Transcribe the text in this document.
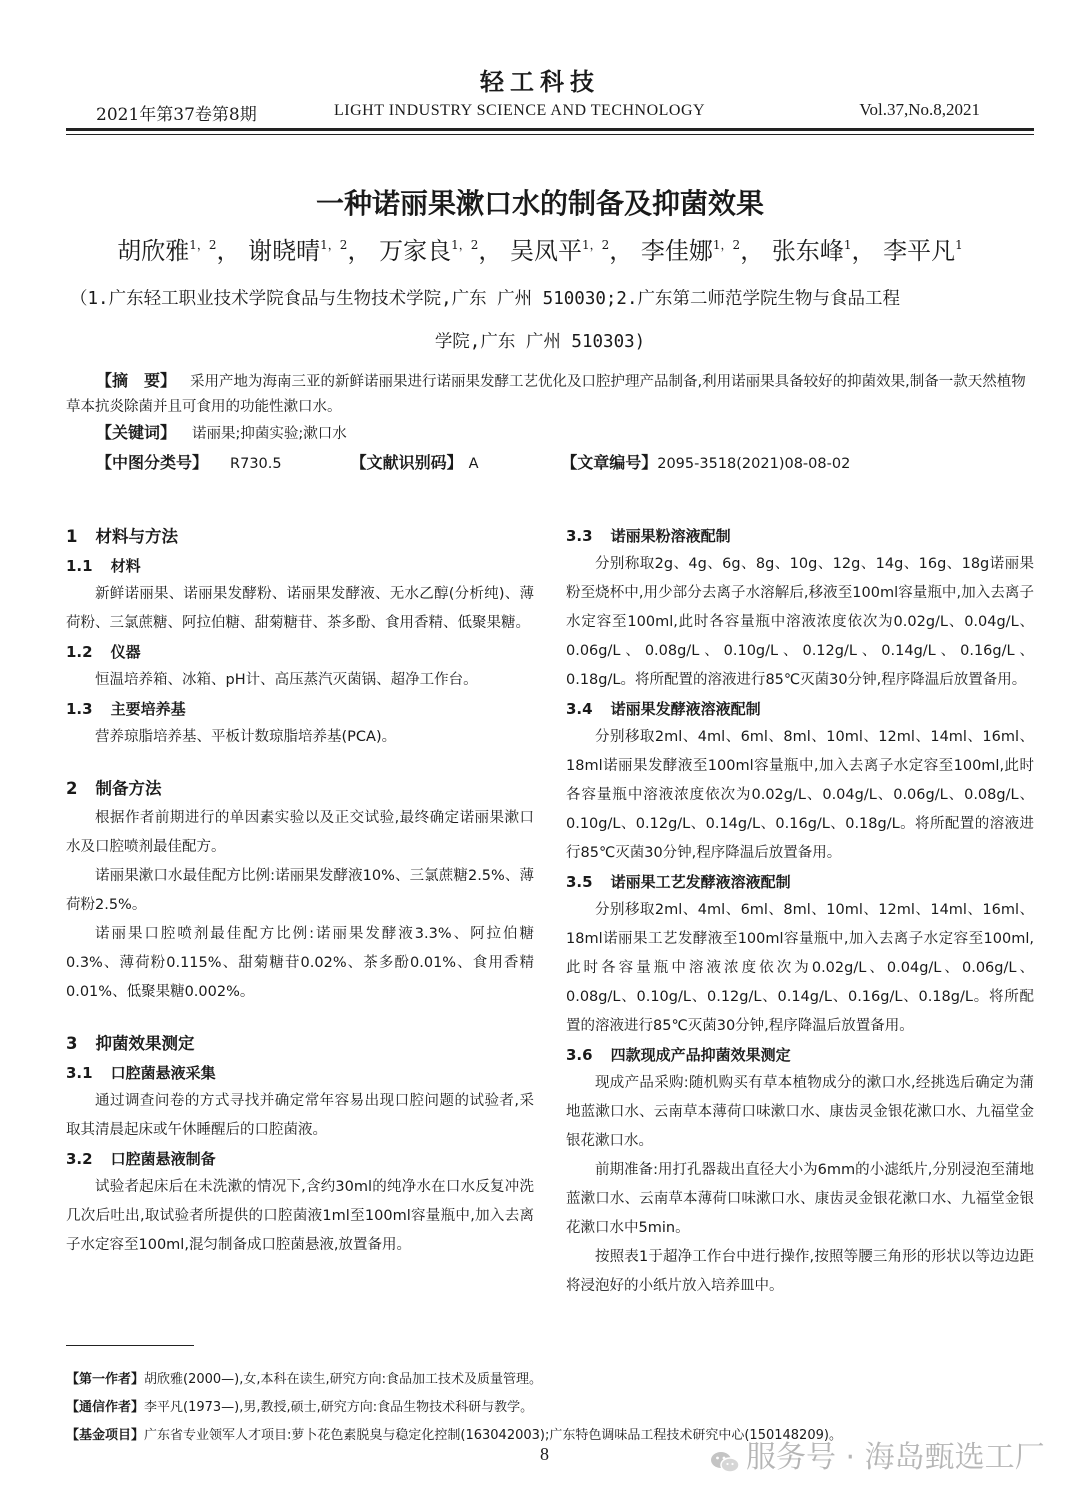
轻工科技
2021年第37卷第8期	LIGHT INDUSTRY SCIENCE AND TECHNOLOGY	Vol.37,No.8,2021
一种诺丽果漱口水的制备及抑菌效果
胡欣雅$^{1,2}$， 谢晓晴$^{1,2}$， 万家良$^{1,2}$， 吴凤平$^{1,2}$， 李佳娜$^{1,2}$， 张东峰$^1$， 李平凡$^1$
（1.广东轻工职业技术学院食品与生物技术学院,广东 广州 510030;2.广东第二师范学院生物与食品工程
学院,广东 广州 510303)
【摘　要】 采用产地为海南三亚的新鲜诺丽果进行诺丽果发酵工艺优化及口腔护理产品制备,利用诺丽果具备较好的抑菌效果,制备一款天然植物草本抗炎除菌并且可食用的功能性漱口水。
【关键词】 诺丽果;抑菌实验;漱口水
【中图分类号】 R730.5	【文献识别码】 A	【文章编号】2095-3518(2021)08-08-02
1 材料与方法
1.1 材料
新鲜诺丽果、诺丽果发酵粉、诺丽果发酵液、无水乙醇(分析纯)、薄荷粉、三氯蔗糖、阿拉伯糖、甜菊糖苷、茶多酚、食用香精、低聚果糖。
1.2 仪器
恒温培养箱、冰箱、pH计、高压蒸汽灭菌锅、超净工作台。
1.3 主要培养基
营养琼脂培养基、平板计数琼脂培养基(PCA)。
2 制备方法
根据作者前期进行的单因素实验以及正交试验,最终确定诺丽果漱口水及口腔喷剂最佳配方。
诺丽果漱口水最佳配方比例:诺丽果发酵液10%、三氯蔗糖2.5%、薄荷粉2.5%。
诺丽果口腔喷剂最佳配方比例:诺丽果发酵液3.3%、阿拉伯糖0.3%、薄荷粉0.115%、甜菊糖苷0.02%、茶多酚0.01%、食用香精0.01%、低聚果糖0.002%。
3 抑菌效果测定
3.1 口腔菌悬液采集
通过调查问卷的方式寻找并确定常年容易出现口腔问题的试验者,采取其清晨起床或午休睡醒后的口腔菌液。
3.2 口腔菌悬液制备
试验者起床后在未洗漱的情况下,含约30ml的纯净水在口水反复冲洗几次后吐出,取试验者所提供的口腔菌液1ml至100ml容量瓶中,加入去离子水定容至100ml,混匀制备成口腔菌悬液,放置备用。
3.3 诺丽果粉溶液配制
分别称取2g、4g、6g、8g、10g、12g、14g、16g、18g诺丽果粉至烧杯中,用少部分去离子水溶解后,移液至100ml容量瓶中,加入去离子水定容至100ml,此时各容量瓶中溶液浓度依次为0.02g/L、0.04g/L、0.06g/L、0.08g/L、0.10g/L、0.12g/L、0.14g/L、0.16g/L、0.18g/L。将所配置的溶液进行85℃灭菌30分钟,程序降温后放置备用。
3.4 诺丽果发酵液溶液配制
分别移取2ml、4ml、6ml、8ml、10ml、12ml、14ml、16ml、18ml诺丽果发酵液至100ml容量瓶中,加入去离子水定容至100ml,此时各容量瓶中溶液浓度依次为0.02g/L、0.04g/L、0.06g/L、0.08g/L、0.10g/L、0.12g/L、0.14g/L、0.16g/L、0.18g/L。将所配置的溶液进行85℃灭菌30分钟,程序降温后放置备用。
3.5 诺丽果工艺发酵液溶液配制
分别移取2ml、4ml、6ml、8ml、10ml、12ml、14ml、16ml、18ml诺丽果工艺发酵液至100ml容量瓶中,加入去离子水定容至100ml,此时各容量瓶中溶液浓度依次为0.02g/L、0.04g/L、0.06g/L、0.08g/L、0.10g/L、0.12g/L、0.14g/L、0.16g/L、0.18g/L。将所配置的溶液进行85℃灭菌30分钟,程序降温后放置备用。
3.6 四款现成产品抑菌效果测定
现成产品采购:随机购买有草本植物成分的漱口水,经挑选后确定为蒲地蓝漱口水、云南草本薄荷口味漱口水、康齿灵金银花漱口水、九福堂金银花漱口水。
前期准备:用打孔器裁出直径大小为6mm的小滤纸片,分别浸泡至蒲地蓝漱口水、云南草本薄荷口味漱口水、康齿灵金银花漱口水、九福堂金银花漱口水中5min。
按照表1于超净工作台中进行操作,按照等腰三角形的形状以等边边距将浸泡好的小纸片放入培养皿中。
【第一作者】胡欣雅(2000—),女,本科在读生,研究方向:食品加工技术及质量管理。
【通信作者】李平凡(1973—),男,教授,硕士,研究方向:食品生物技术科研与教学。
【基金项目】广东省专业领军人才项目:萝卜花色素脱臭与稳定化控制(163042003);广东特色调味品工程技术研究中心(150148209)。
8	服务号 · 海岛甄选工厂
